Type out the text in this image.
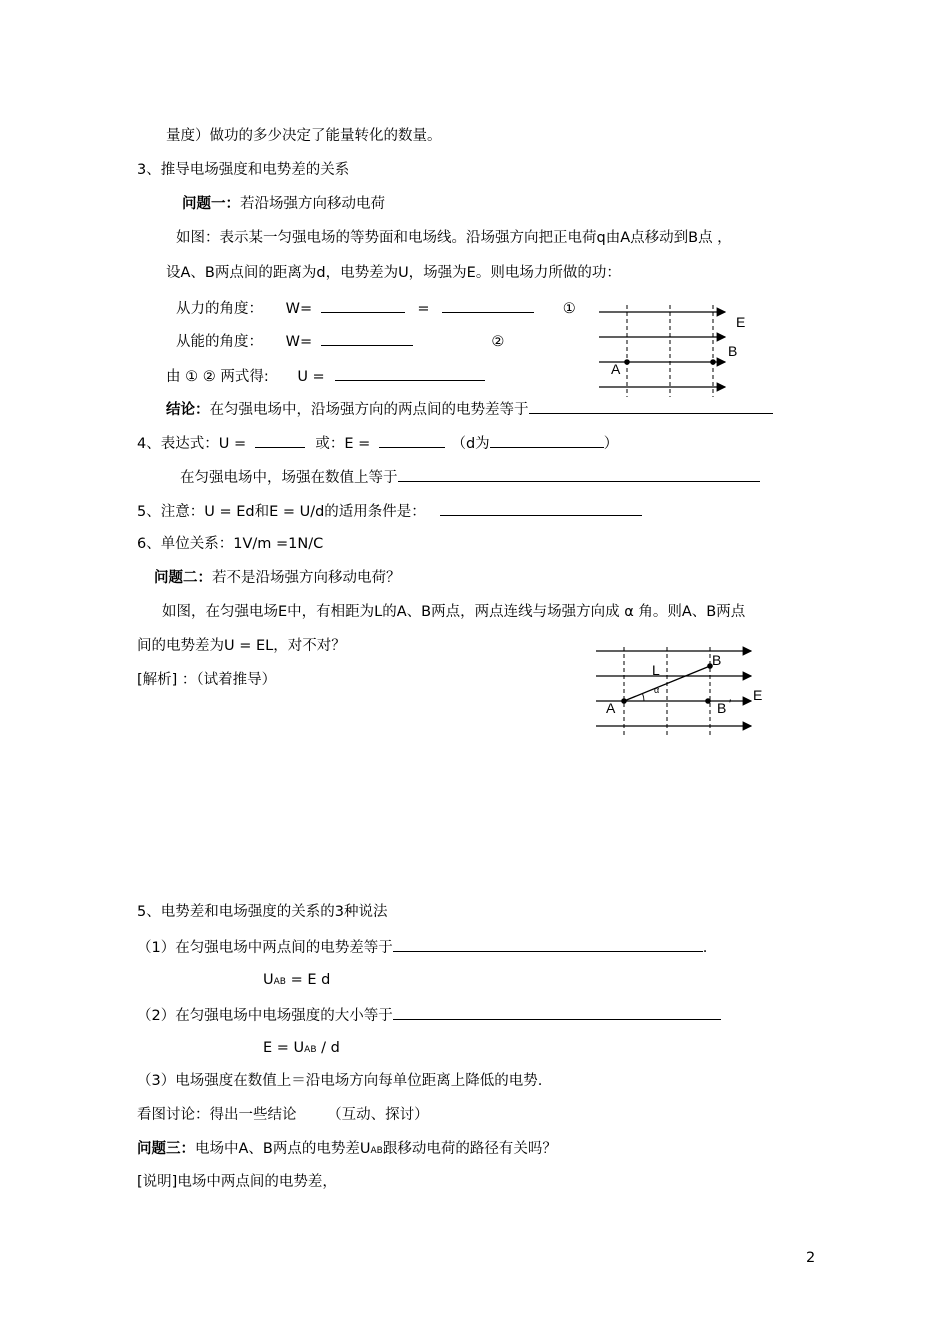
量度）做功的多少决定了能量转化的数量。
3、推导电场强度和电势差的关系
问题一：若沿场强方向移动电荷
如图：表示某一匀强电场的等势面和电场线。沿场强方向把正电荷q由A点移动到B点 ，
设A、B两点间的距离为d，电势差为U，场强为E。则电场力所做的功：
从力的角度： W=	=	①
从能的角度： W=	②
由 ① ② 两式得: U =
结论：在匀强电场中，沿场强方向的两点间的电势差等于
4、表达式：U =	或：E =	（d为	）
在匀强电场中，场强在数值上等于
5、注意：U = Ed和E = U/d的适用条件是：
6、单位关系：1V/m =1N/C
问题二：若不是沿场强方向移动电荷？
如图，在匀强电场E中，有相距为L的A、B两点，两点连线与场强方向成 α 角。则A、B两点
间的电势差为U = EL，对不对？
[解析] ：（试着推导）
5、电势差和电场强度的关系的3种说法
（1）在匀强电场中两点间的电势差等于	.
UAB = E d
（2）在匀强电场中电场强度的大小等于
E = UAB / d
（3）电场强度在数值上＝沿电场方向每单位距离上降低的电势.
看图讨论：得出一些结论 （互动、探讨）
问题三：电场中A、B两点的电势差UAB跟移动电荷的路径有关吗？
[说明]电场中两点间的电势差，
2
E
B
A
B
L
α	E
A	B ′
